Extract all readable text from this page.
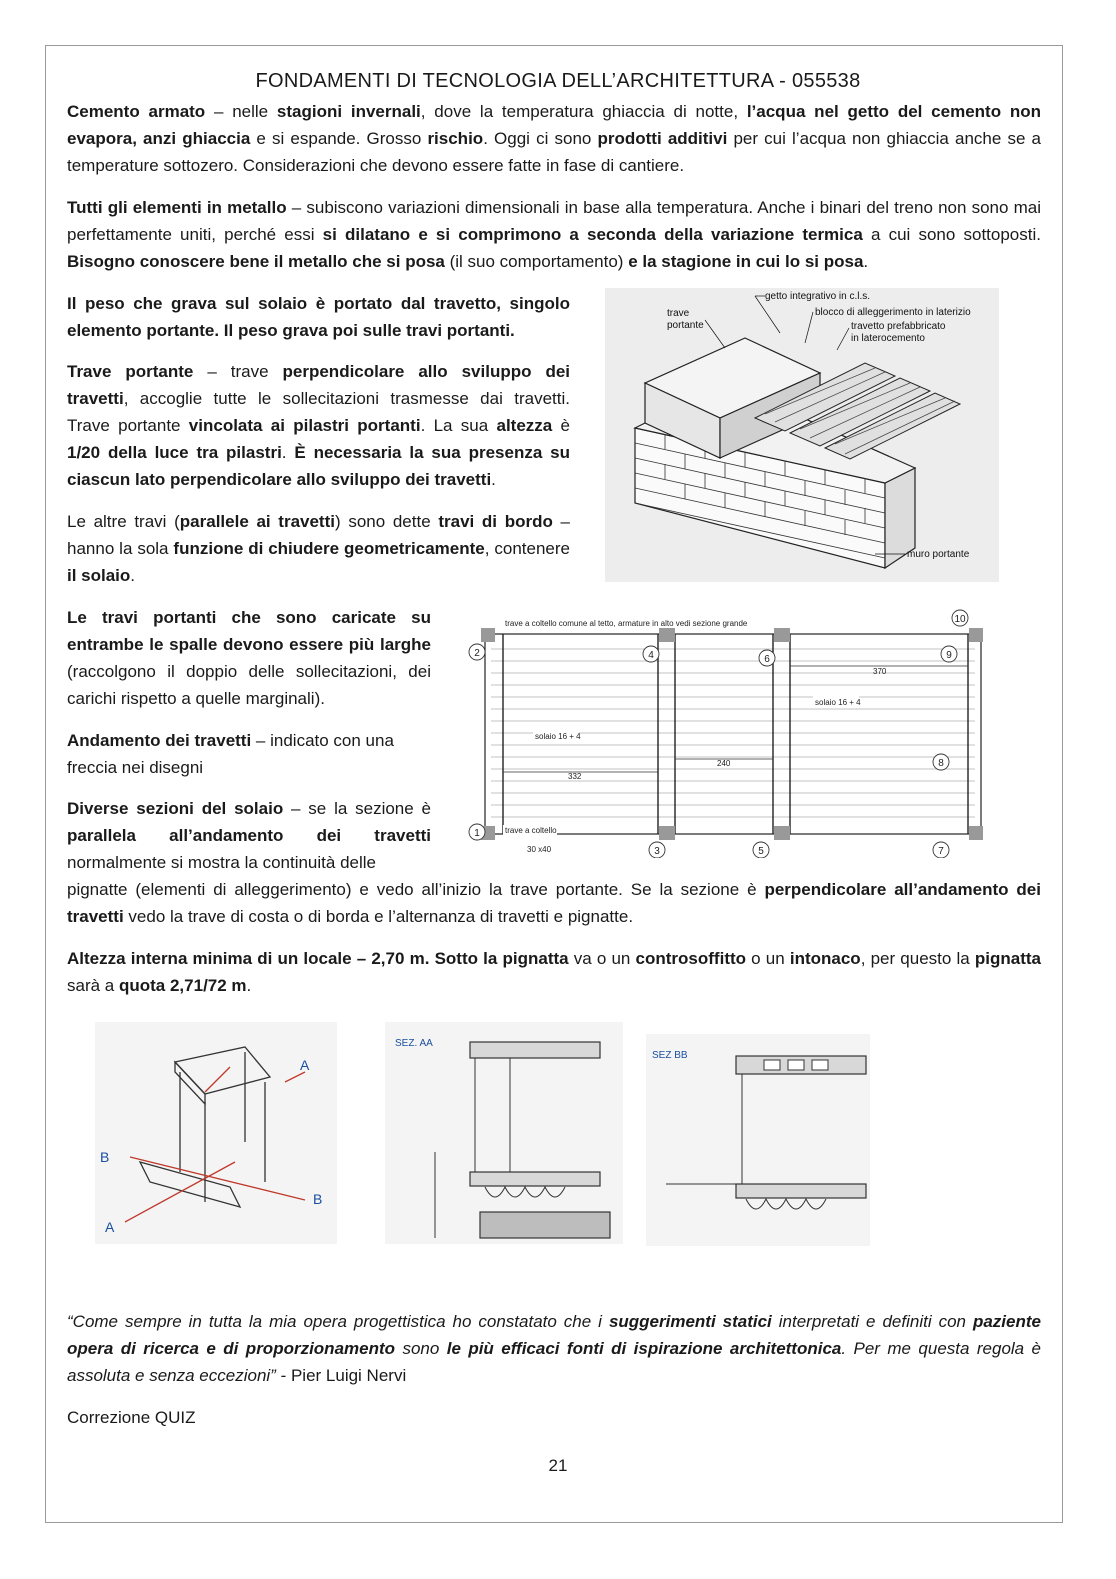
FONDAMENTI DI TECNOLOGIA DELL’ARCHITETTURA - 055538
Cemento armato – nelle stagioni invernali, dove la temperatura ghiaccia di notte, l’acqua nel getto del cemento non evapora, anzi ghiaccia e si espande. Grosso rischio. Oggi ci sono prodotti additivi per cui l’acqua non ghiaccia anche se a temperature sottozero. Considerazioni che devono essere fatte in fase di cantiere.
Tutti gli elementi in metallo – subiscono variazioni dimensionali in base alla temperatura. Anche i binari del treno non sono mai perfettamente uniti, perché essi si dilatano e si comprimono a seconda della variazione termica a cui sono sottoposti. Bisogno conoscere bene il metallo che si posa (il suo comportamento) e la stagione in cui lo si posa.
Il peso che grava sul solaio è portato dal travetto, singolo elemento portante. Il peso grava poi sulle travi portanti.
Trave portante – trave perpendicolare allo sviluppo dei travetti, accoglie tutte le sollecitazioni trasmesse dai travetti. Trave portante vincolata ai pilastri portanti. La sua altezza è 1/20 della luce tra pilastri. È necessaria la sua presenza su ciascun lato perpendicolare allo sviluppo dei travetti.
Le altre travi (parallele ai travetti) sono dette travi di bordo – hanno la sola funzione di chiudere geometricamente, contenere il solaio.
Le travi portanti che sono caricate su entrambe le spalle devono essere più larghe (raccolgono il doppio delle sollecitazioni, dei carichi rispetto a quelle marginali).
Andamento dei travetti – indicato con una freccia nei disegni
Diverse sezioni del solaio – se la sezione è parallela all’andamento dei travetti normalmente si mostra la continuità delle
pignatte (elementi di alleggerimento) e vedo all’inizio la trave portante. Se la sezione è perpendicolare all’andamento dei travetti vedo la trave di costa o di borda e l’alternanza di travetti e pignatte.
Altezza interna minima di un locale – 2,70 m. Sotto la pignatta va o un controsoffitto o un intonaco, per questo la pignatta sarà a quota 2,71/72 m.
“Come sempre in tutta la mia opera progettistica ho constatato che i suggerimenti statici interpretati e definiti con paziente opera di ricerca e di proporzionamento sono le più efficaci fonti di ispirazione architettonica. Per me questa regola è assoluta e senza eccezioni” - Pier Luigi Nervi
Correzione QUIZ
21
getto integrativo in c.l.s.
blocco di alleggerimento in laterizio
travetto prefabbricato
in laterocemento
trave
portante
muro portante
1
2
3
4
5
6
7
8
9
10
trave a coltello comune al tetto, armature in alto vedi sezione grande
solaio 16 + 4
solaio 16 + 4
332
240
370
trave a coltello
30 x40
A
A
B
B
SEZ. AA
SEZ BB
